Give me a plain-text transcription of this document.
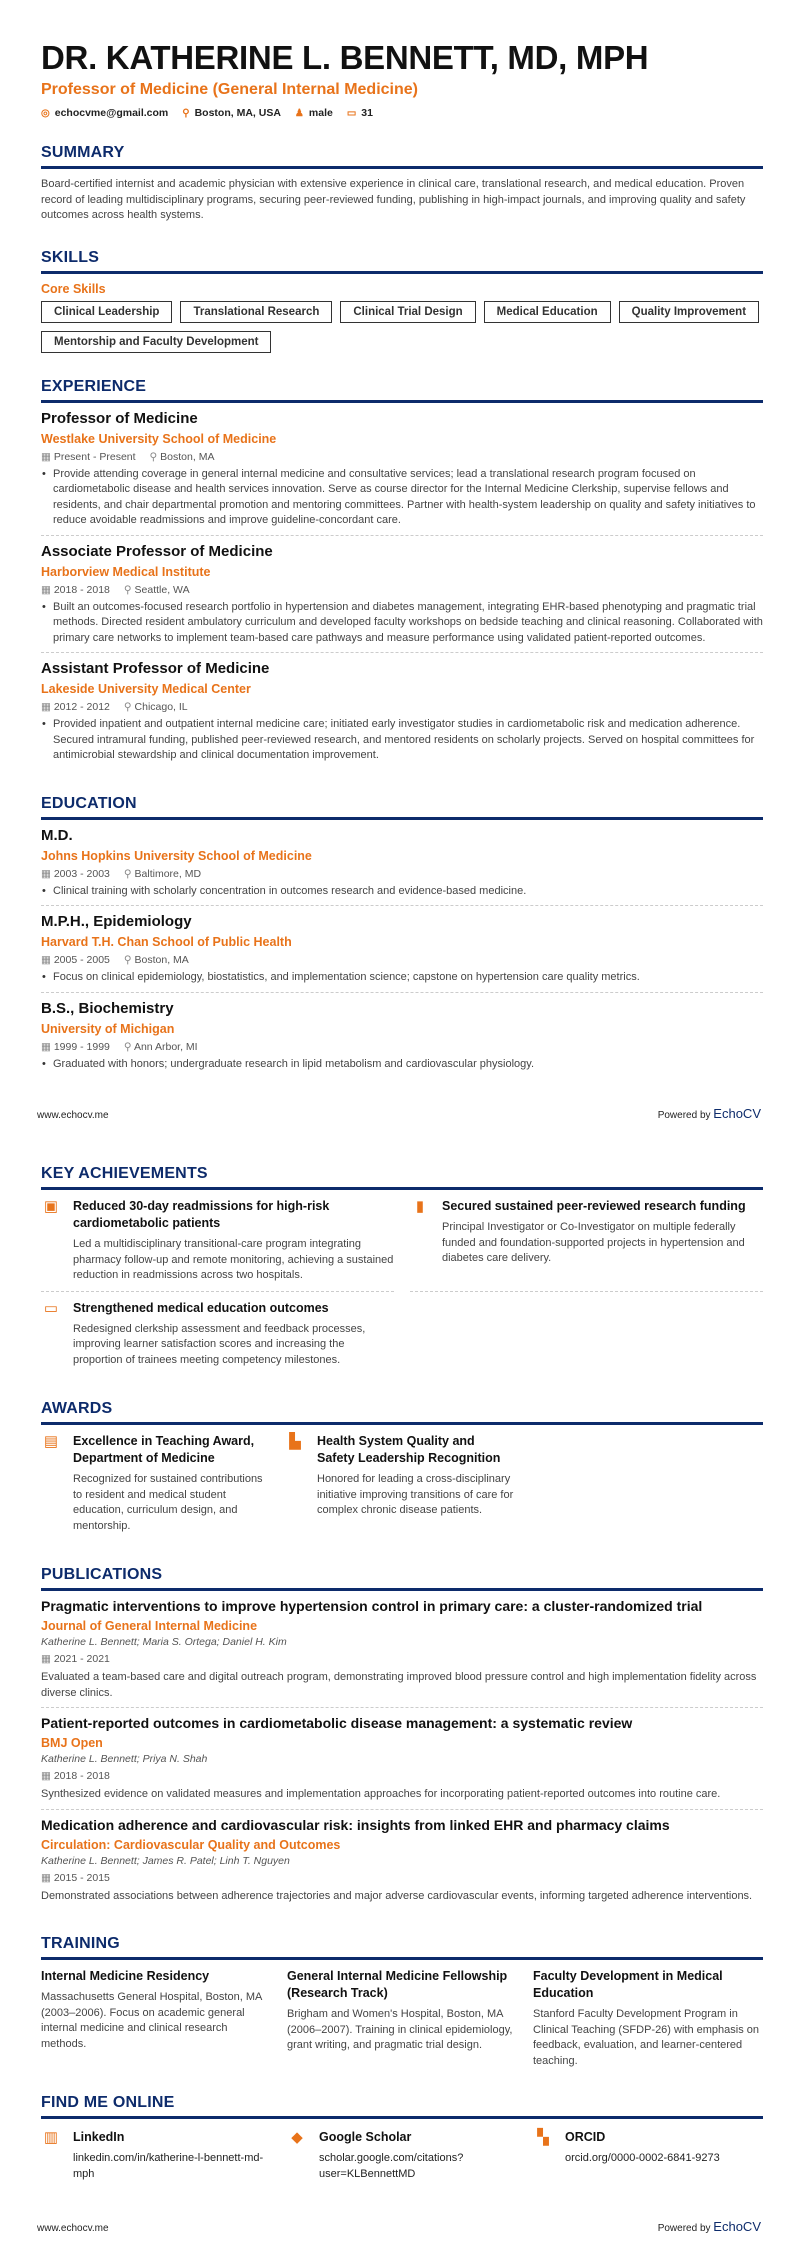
DR. KATHERINE L. BENNETT, MD, MPH
Professor of Medicine (General Internal Medicine)
◎ echocvme@gmail.com ⚲ Boston, MA, USA ♟ male ▭ 31
SUMMARY
Board-certified internist and academic physician with extensive experience in clinical care, translational research, and medical education. Proven record of leading multidisciplinary programs, securing peer-reviewed funding, publishing in high-impact journals, and improving quality and safety outcomes across health systems.
SKILLS
Core Skills
Clinical Leadership	Translational Research	Clinical Trial Design	Medical Education	Quality Improvement
Mentorship and Faculty Development
EXPERIENCE
Professor of Medicine
Westlake University School of Medicine
▦ Present - Present ⚲ Boston, MA
• Provide attending coverage in general internal medicine and consultative services; lead a translational research program focused on cardiometabolic disease and health services innovation. Serve as course director for the Internal Medicine Clerkship, supervise fellows and residents, and chair departmental promotion and mentoring committees. Partner with health-system leadership on quality and safety initiatives to reduce avoidable readmissions and improve guideline-concordant care.
Associate Professor of Medicine
Harborview Medical Institute
▦ 2018 - 2018 ⚲ Seattle, WA
• Built an outcomes-focused research portfolio in hypertension and diabetes management, integrating EHR-based phenotyping and pragmatic trial methods. Directed resident ambulatory curriculum and developed faculty workshops on bedside teaching and clinical reasoning. Collaborated with primary care networks to implement team-based care pathways and measure performance using validated patient-reported outcomes.
Assistant Professor of Medicine
Lakeside University Medical Center
▦ 2012 - 2012 ⚲ Chicago, IL
• Provided inpatient and outpatient internal medicine care; initiated early investigator studies in cardiometabolic risk and medication adherence. Secured intramural funding, published peer-reviewed research, and mentored residents on scholarly projects. Served on hospital committees for antimicrobial stewardship and clinical documentation improvement.
EDUCATION
M.D.
Johns Hopkins University School of Medicine
▦ 2003 - 2003 ⚲ Baltimore, MD
• Clinical training with scholarly concentration in outcomes research and evidence-based medicine.
M.P.H., Epidemiology
Harvard T.H. Chan School of Public Health
▦ 2005 - 2005 ⚲ Boston, MA
• Focus on clinical epidemiology, biostatistics, and implementation science; capstone on hypertension care quality metrics.
B.S., Biochemistry
University of Michigan
▦ 1999 - 1999 ⚲ Ann Arbor, MI
• Graduated with honors; undergraduate research in lipid metabolism and cardiovascular physiology.
www.echocv.me	Powered by EchoCV
KEY ACHIEVEMENTS
▣ Reduced 30-day readmissions for high-risk cardiometabolic patients
Led a multidisciplinary transitional-care program integrating pharmacy follow-up and remote monitoring, achieving a sustained reduction in readmissions across two hospitals.
▮	Secured sustained peer-reviewed research funding
Principal Investigator or Co-Investigator on multiple federally funded and foundation-supported projects in hypertension and diabetes care delivery.
▭ Strengthened medical education outcomes
Redesigned clerkship assessment and feedback processes, improving learner satisfaction scores and increasing the proportion of trainees meeting competency milestones.
AWARDS
▤ Excellence in Teaching Award, Department of Medicine
Recognized for sustained contributions to resident and medical student education, curriculum design, and mentorship.
▙	Health System Quality and Safety Leadership Recognition
Honored for leading a cross-disciplinary initiative improving transitions of care for complex chronic disease patients.
PUBLICATIONS
Pragmatic interventions to improve hypertension control in primary care: a cluster-randomized trial
Journal of General Internal Medicine
Katherine L. Bennett; Maria S. Ortega; Daniel H. Kim
▦ 2021 - 2021
Evaluated a team-based care and digital outreach program, demonstrating improved blood pressure control and high implementation fidelity across diverse clinics.
Patient-reported outcomes in cardiometabolic disease management: a systematic review
BMJ Open
Katherine L. Bennett; Priya N. Shah
▦ 2018 - 2018
Synthesized evidence on validated measures and implementation approaches for incorporating patient-reported outcomes into routine care.
Medication adherence and cardiovascular risk: insights from linked EHR and pharmacy claims
Circulation: Cardiovascular Quality and Outcomes
Katherine L. Bennett; James R. Patel; Linh T. Nguyen
▦ 2015 - 2015
Demonstrated associations between adherence trajectories and major adverse cardiovascular events, informing targeted adherence interventions.
TRAINING
Internal Medicine Residency
Massachusetts General Hospital, Boston, MA (2003–2006). Focus on academic general internal medicine and clinical research methods.
General Internal Medicine Fellowship (Research Track)
Brigham and Women's Hospital, Boston, MA (2006–2007). Training in clinical epidemiology, grant writing, and pragmatic trial design.
Faculty Development in Medical Education
Stanford Faculty Development Program in Clinical Teaching (SFDP-26) with emphasis on feedback, evaluation, and learner-centered teaching.
FIND ME ONLINE
▥ LinkedIn
linkedin.com/in/katherine-l-bennett-md-mph
◆	Google Scholar
scholar.google.com/citations?user=KLBennettMD
▚	ORCID
orcid.org/0000-0002-6841-9273
www.echocv.me	Powered by EchoCV
